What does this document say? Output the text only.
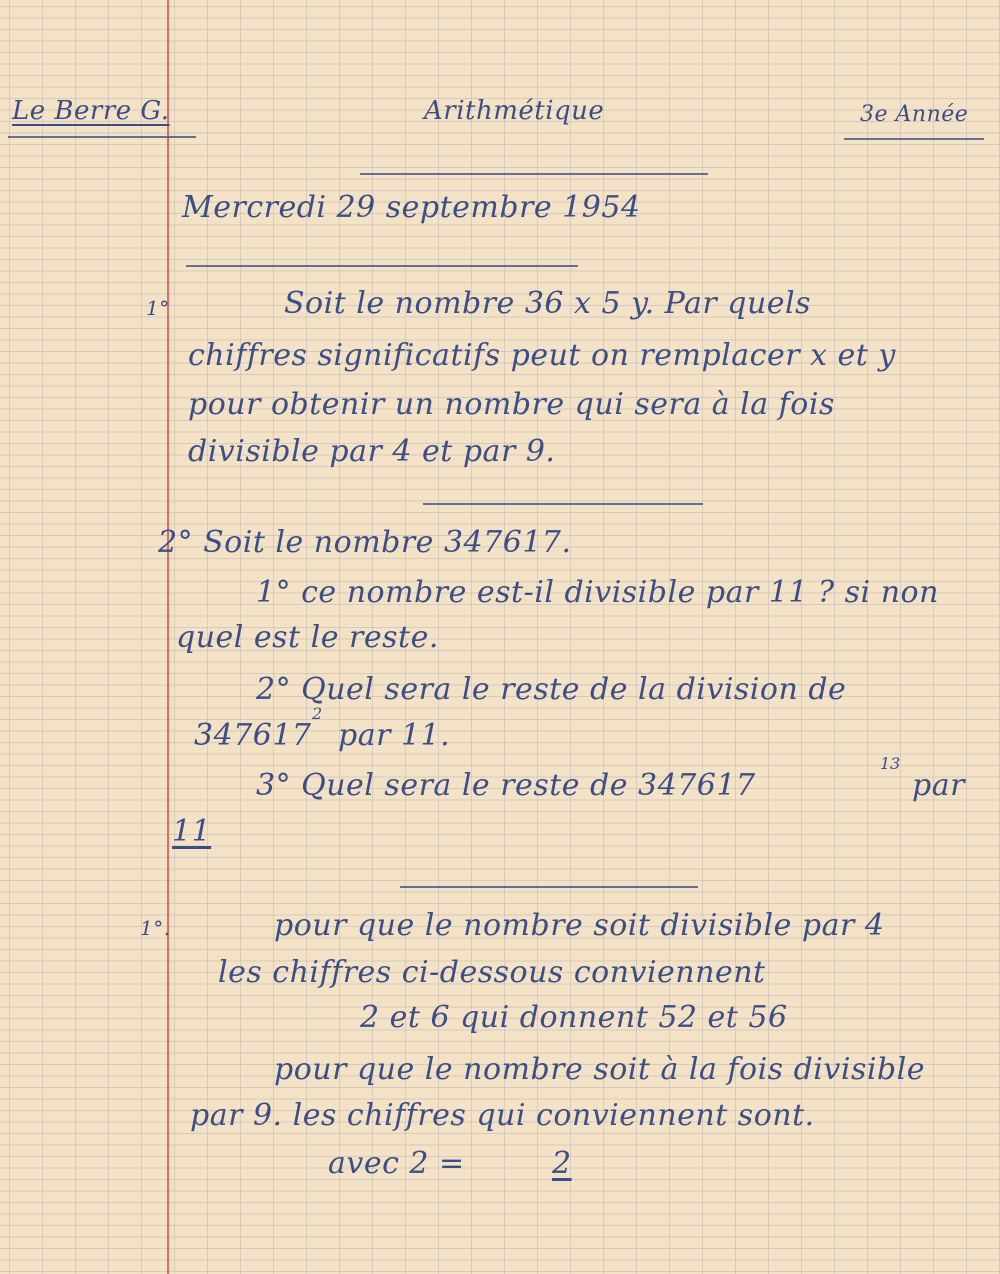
Le Berre G.	Arithmétique	3e Année
Mercredi 29 septembre 1954
1°	Soit le nombre 36 x 5 y. Par quels
chiffres significatifs peut on remplacer x et y
pour obtenir un nombre qui sera à la fois
divisible par 4 et par 9.
2° Soit le nombre 347617.
1° ce nombre est-il divisible par 11 ? si non
quel est le reste.
2° Quel sera le reste de la division de
347617
2
par 11.
3° Quel sera le reste de 347617
13
par
11
1°.	pour que le nombre soit divisible par 4
les chiffres ci-dessous conviennent
2 et 6 qui donnent 52 et 56
pour que le nombre soit à la fois divisible
par 9. les chiffres qui conviennent sont.
avec 2 =	2
